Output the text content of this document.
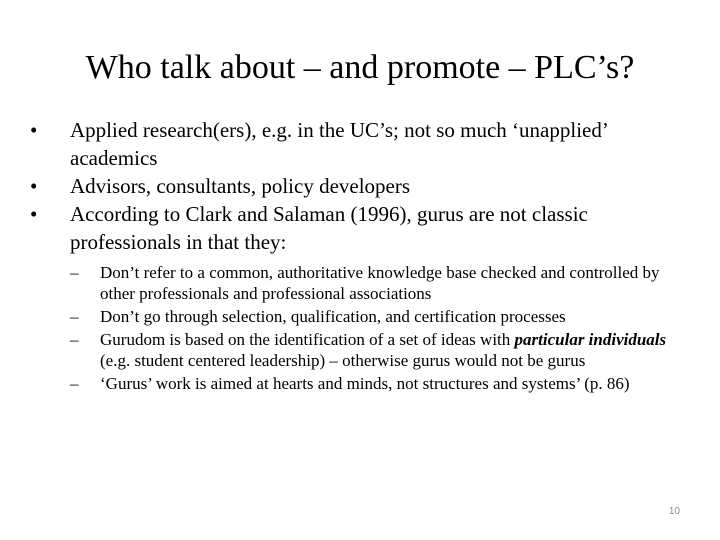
Who talk about – and promote – PLC’s?

•	Applied research(ers), e.g. in the UC’s; not so much ‘unapplied’ academics

•	Advisors, consultants, policy developers

•	According to Clark and Salaman (1996), gurus are not classic professionals in that they:

–	Don’t refer to a common, authoritative knowledge base checked and controlled by other professionals and professional associations

–	Don’t go through selection, qualification, and certification processes

–	Gurudom is based on the identification of a set of ideas with particular individuals (e.g. student centered leadership) – otherwise gurus would not be gurus

–	‘Gurus’ work is aimed at hearts and minds, not structures and systems’ (p. 86)

10
